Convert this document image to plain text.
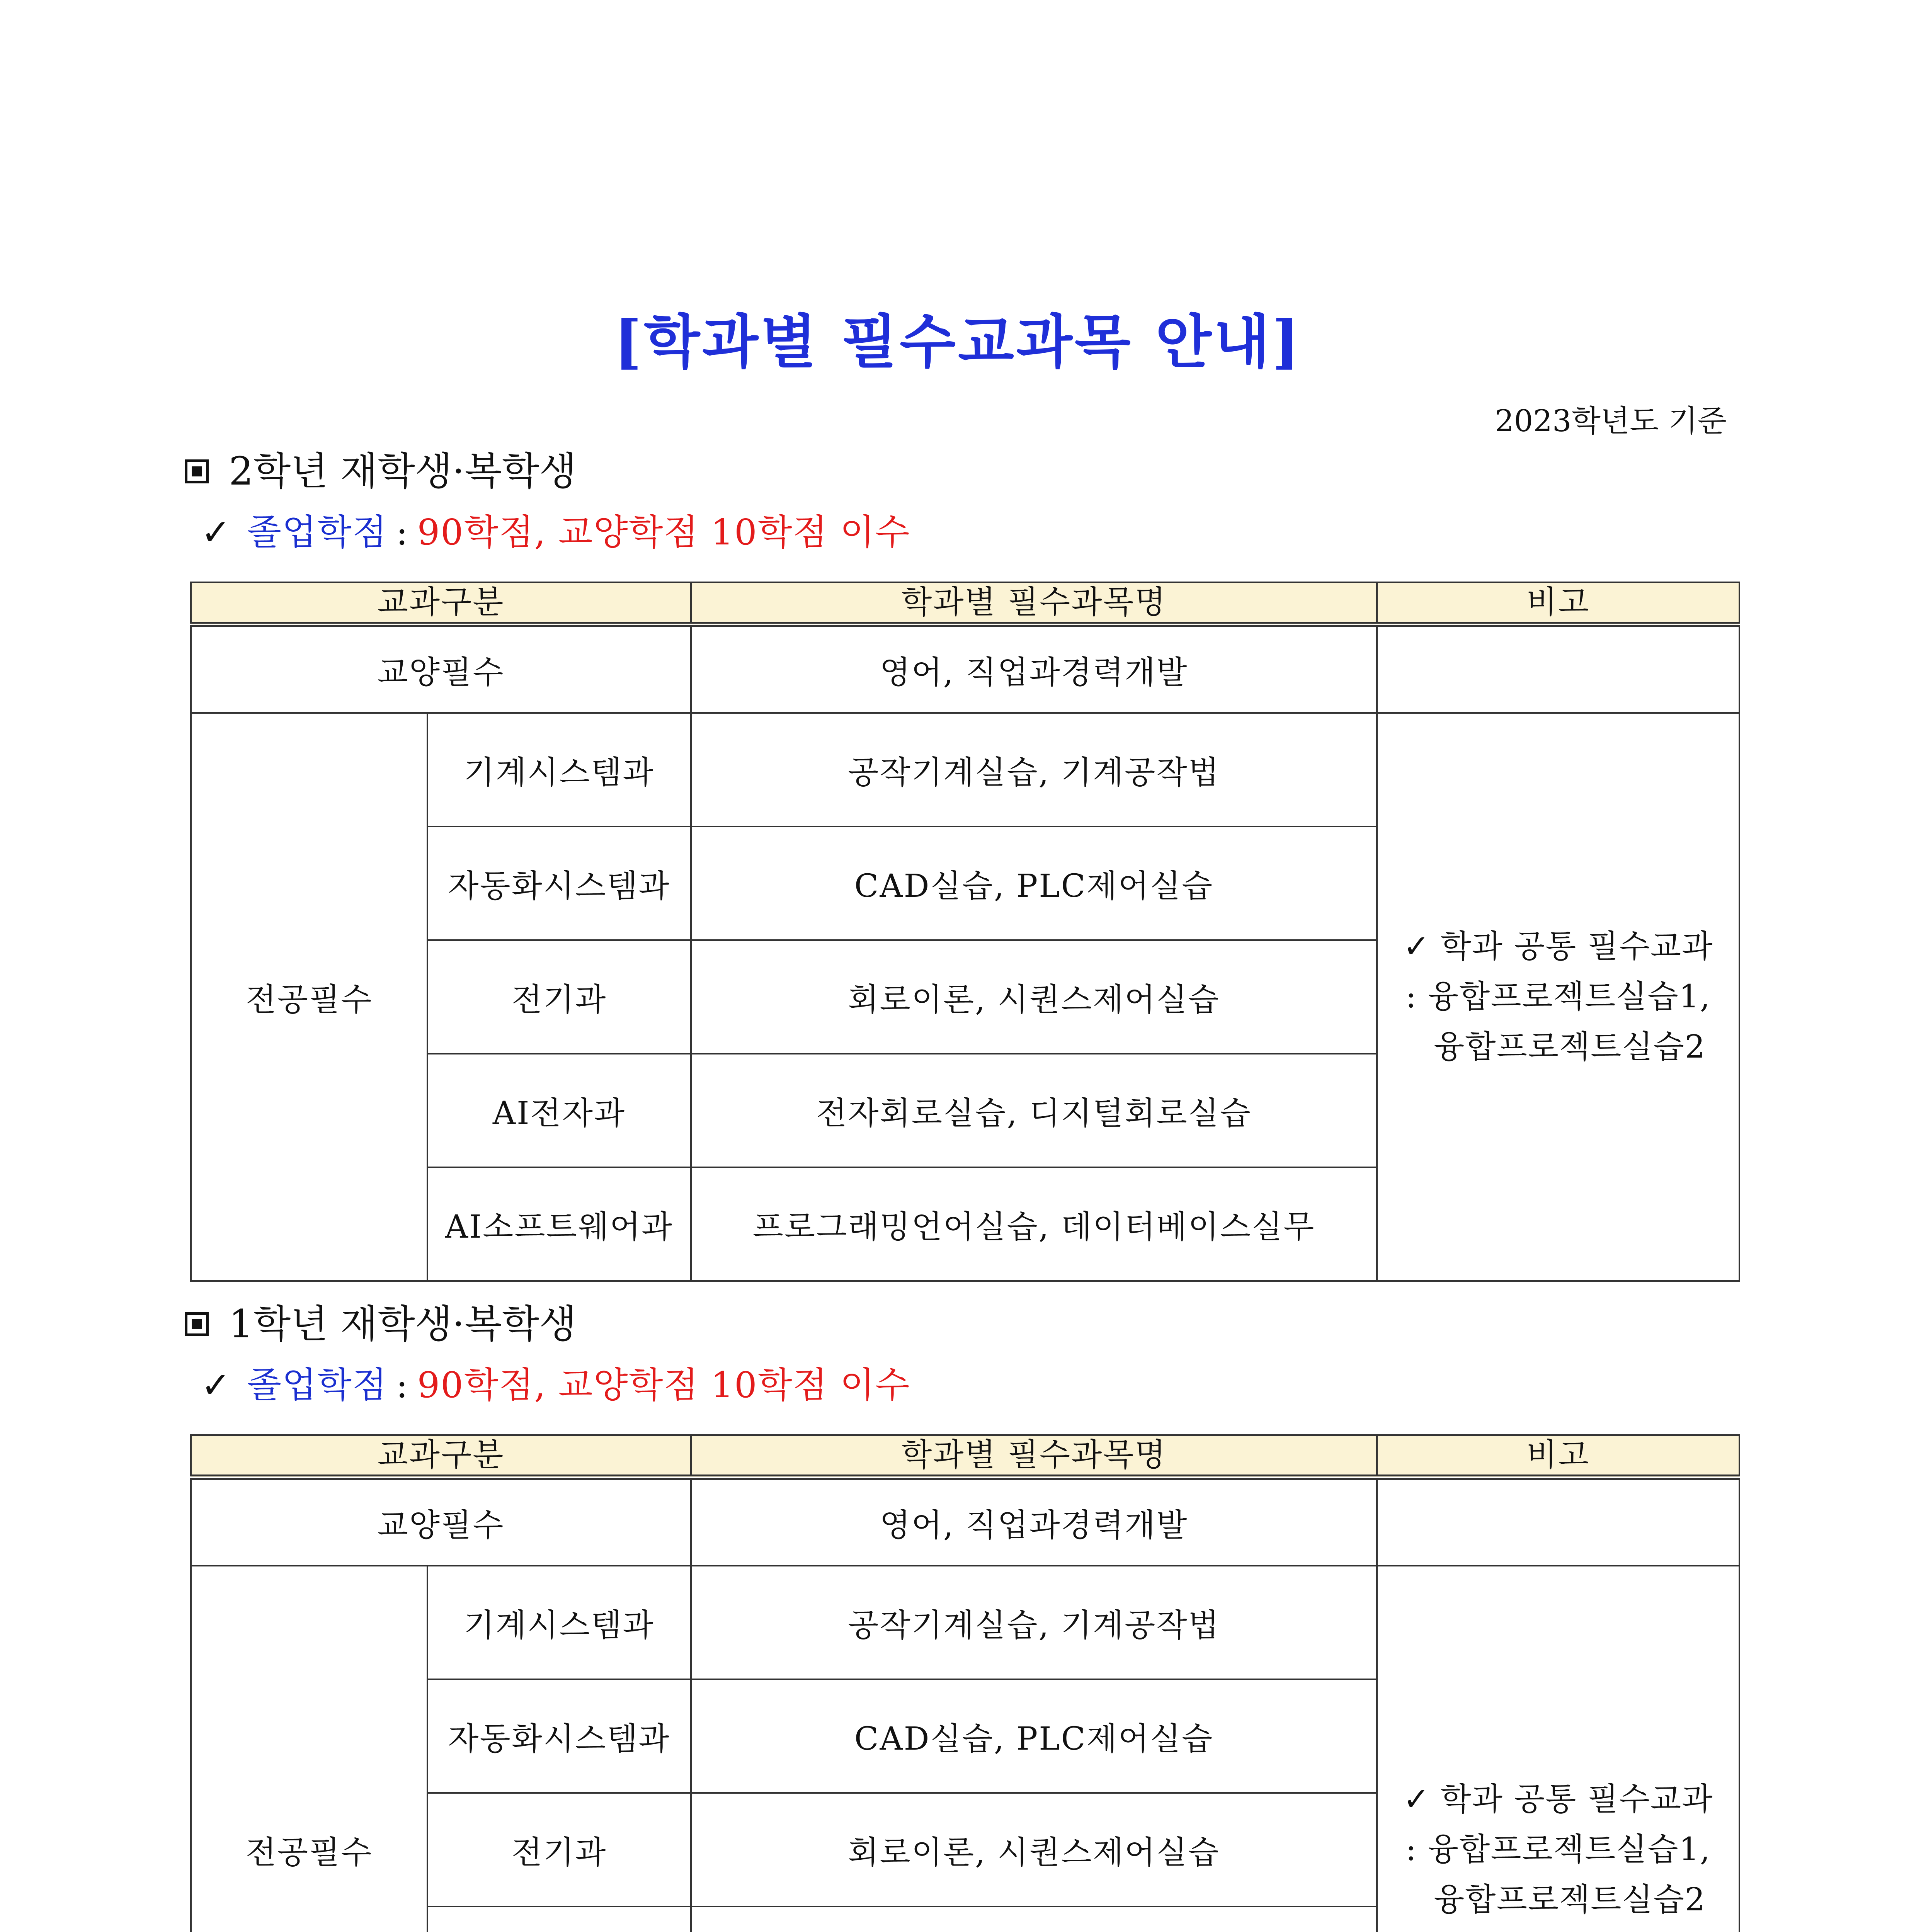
[학과별 필수교과목 안내]
2023학년도 기준
2학년 재학생·복학생
✓ 졸업학점 : 90학점, 교양학점 10학점 이수
교과구분		학과별 필수과목명	비고
교양필수		영어, 직업과경력개발	
전공필수	기계시스템과	공작기계실습, 기계공작법	✓ 학과 공통 필수교과
: 융합프로젝트실습1,
융합프로젝트실습2

	자동화시스템과	CAD실습, PLC제어실습	
	전기과	회로이론, 시퀀스제어실습	
	AI전자과	전자회로실습, 디지털회로실습	
	AI소프트웨어과	프로그래밍언어실습, 데이터베이스실무	
1학년 재학생·복학생
✓ 졸업학점 : 90학점, 교양학점 10학점 이수
교과구분		학과별 필수과목명	비고
교양필수		영어, 직업과경력개발	
전공필수	기계시스템과	공작기계실습, 기계공작법	✓ 학과 공통 필수교과
: 융합프로젝트실습1,
융합프로젝트실습2

	자동화시스템과	CAD실습, PLC제어실습	
	전기과	회로이론, 시퀀스제어실습	
